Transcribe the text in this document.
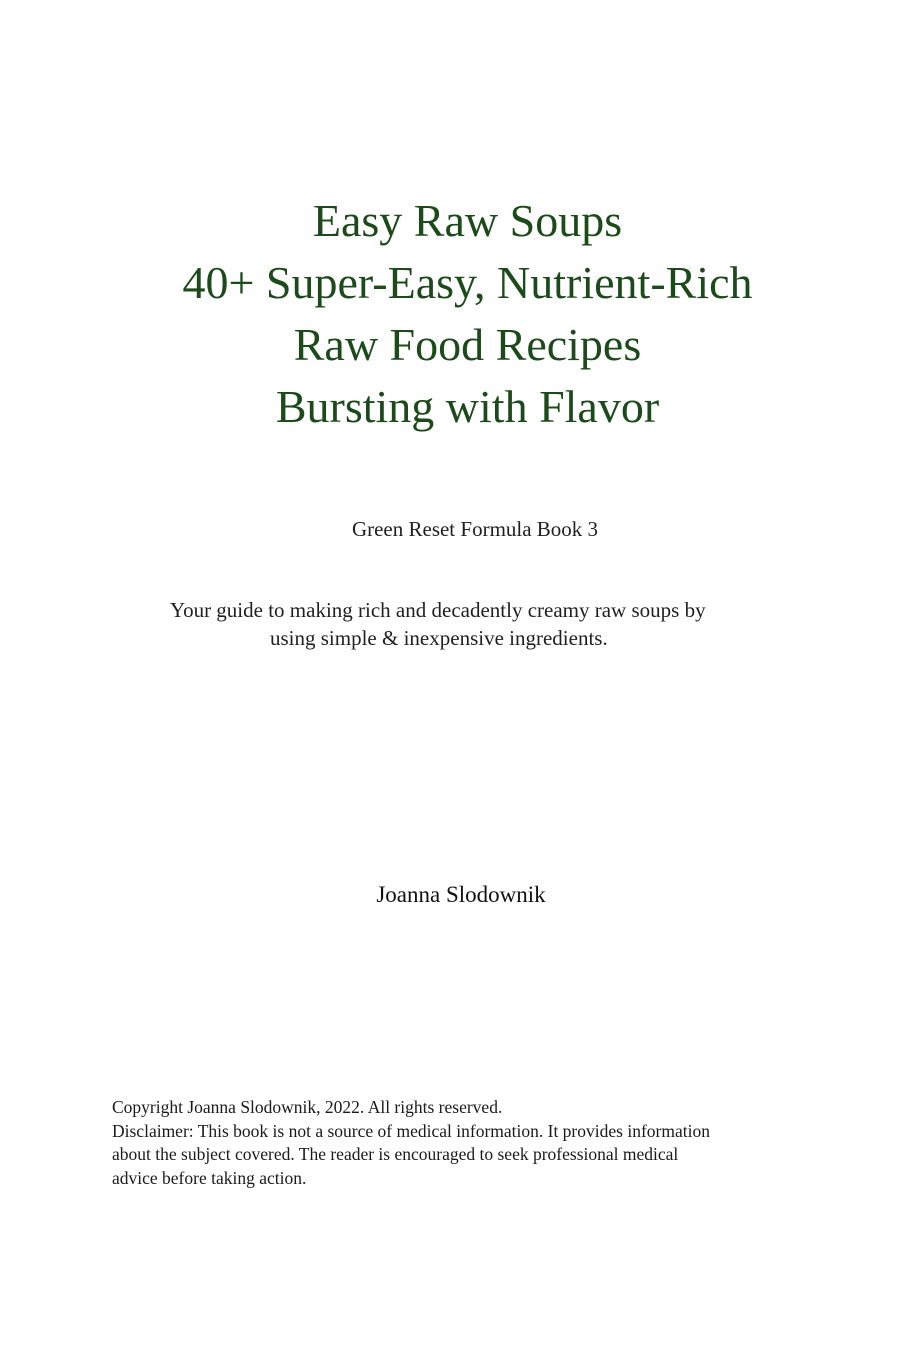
Easy Raw Soups
40+ Super-Easy, Nutrient-Rich
Raw Food Recipes
Bursting with Flavor
Green Reset Formula Book 3
Your guide to making rich and decadently creamy raw soups by
using simple & inexpensive ingredients.
Joanna Slodownik
Copyright Joanna Slodownik, 2022. All rights reserved.
Disclaimer: This book is not a source of medical information. It provides information
about the subject covered. The reader is encouraged to seek professional medical
advice before taking action.
